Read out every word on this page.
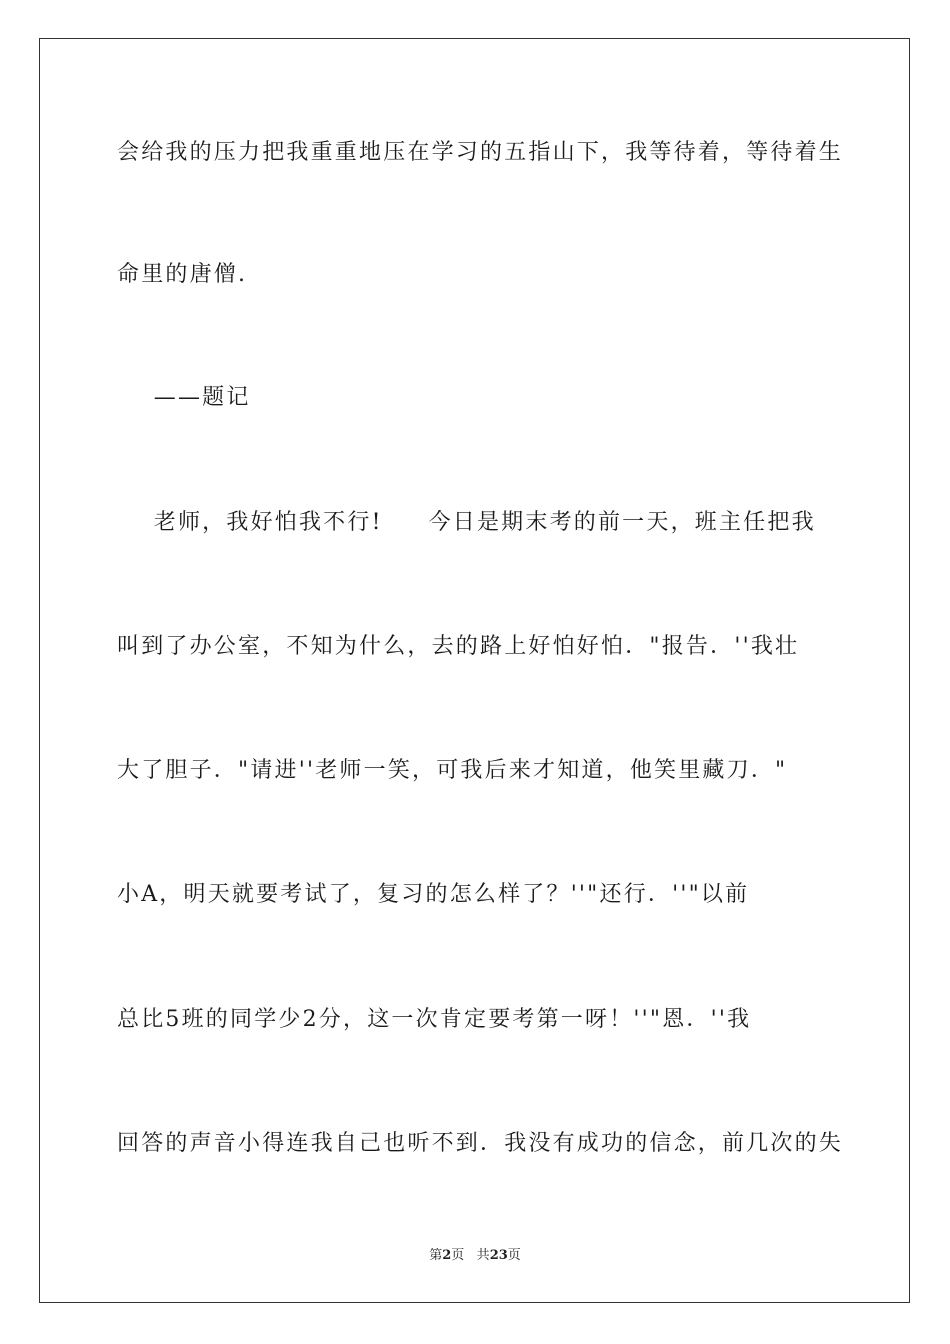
会给我的压力把我重重地压在学习的五指山下，我等待着，等待着生
命里的唐僧.
——题记
老师，我好怕我不行!     今日是期末考的前一天，班主任把我
叫到了办公室，不知为什么，去的路上好怕好怕．"报告．''我壮
大了胆子．"请进''老师一笑，可我后来才知道，他笑里藏刀．"
小A，明天就要考试了，复习的怎么样了？''"还行．''"以前
总比5班的同学少2分，这一次肯定要考第一呀！''"恩．''我
回答的声音小得连我自己也听不到．我没有成功的信念，前几次的失
第2页 共23页
